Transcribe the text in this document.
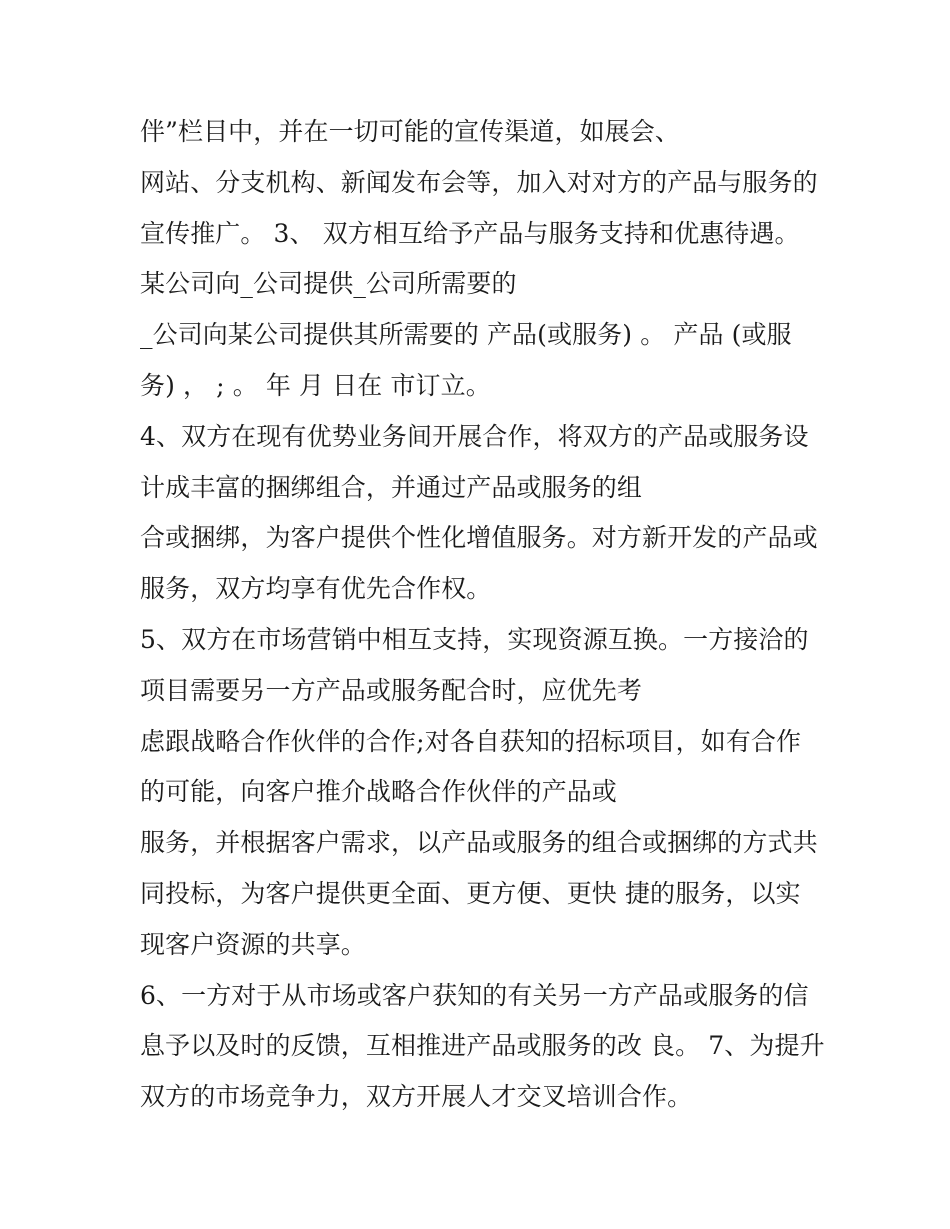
伴”栏目中，并在一切可能的宣传渠道，如展会、
网站、分支机构、新闻发布会等，加入对对方的产品与服务的
宣传推广。 3、 双方相互给予产品与服务支持和优惠待遇。
某公司向_公司提供_公司所需要的
_公司向某公司提供其所需要的 产品(或服务) 。 产品 (或服
务) ， ; 。 年 月 日在 市订立。
4、双方在现有优势业务间开展合作，将双方的产品或服务设
计成丰富的捆绑组合，并通过产品或服务的组
合或捆绑，为客户提供个性化增值服务。对方新开发的产品或
服务，双方均享有优先合作权。
5、双方在市场营销中相互支持，实现资源互换。一方接洽的
项目需要另一方产品或服务配合时，应优先考
虑跟战略合作伙伴的合作;对各自获知的招标项目，如有合作
的可能，向客户推介战略合作伙伴的产品或
服务，并根据客户需求，以产品或服务的组合或捆绑的方式共
同投标，为客户提供更全面、更方便、更快 捷的服务，以实
现客户资源的共享。
6、一方对于从市场或客户获知的有关另一方产品或服务的信
息予以及时的反馈，互相推进产品或服务的改 良。 7、为提升
双方的市场竞争力，双方开展人才交叉培训合作。
